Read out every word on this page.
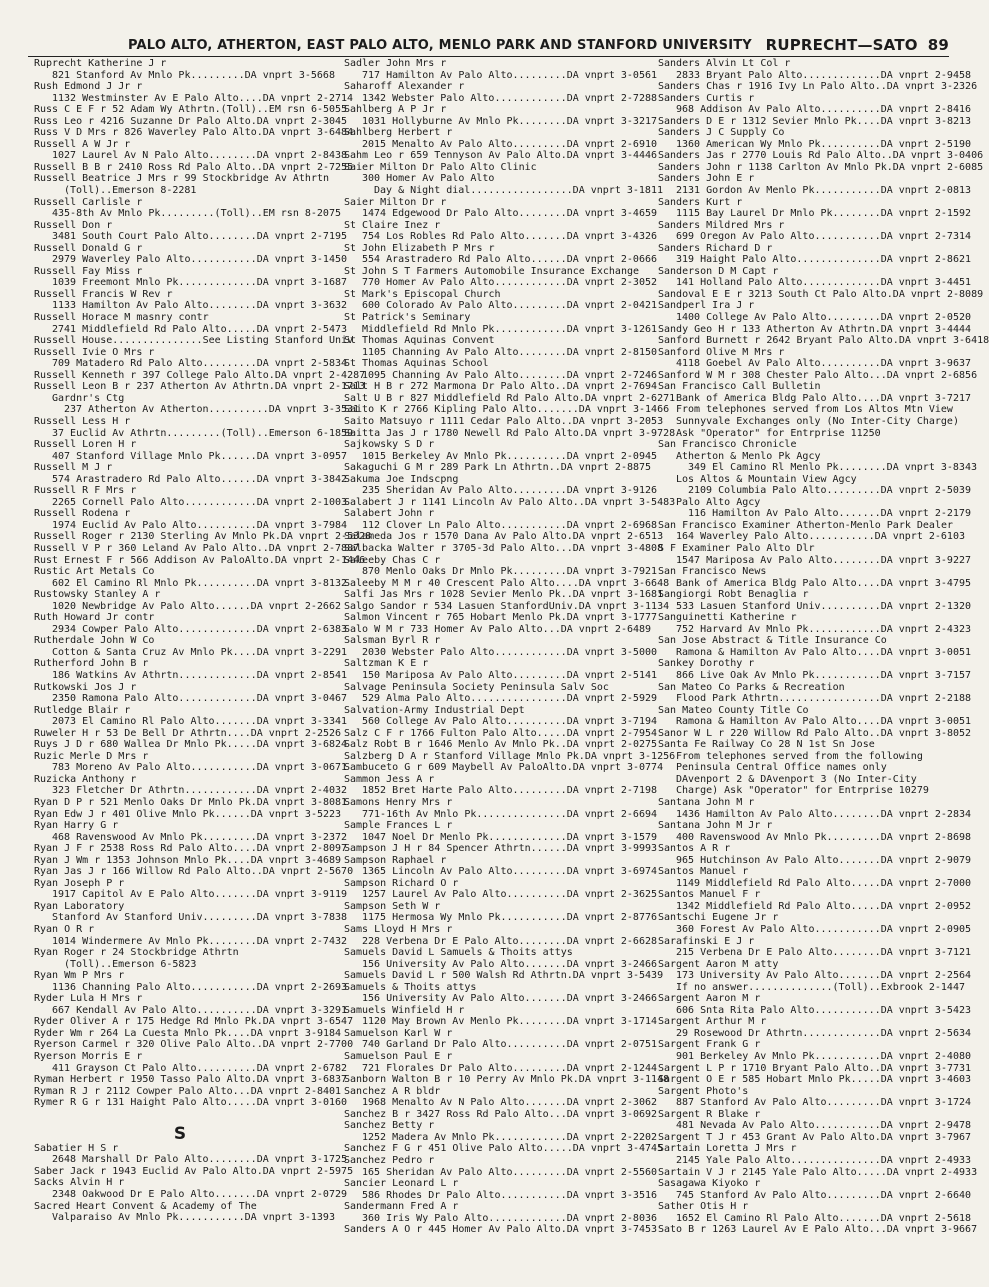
PALO ALTO, ATHERTON, EAST PALO ALTO, MENLO PARK AND STANFORD UNIVERSITY RUPRECHT—SATO 89
Ruprecht Katherine J r
821 Stanford Av Mnlo Pk.........DA vnprt 3-5668
Rush Edmond J Jr r
1132 Westminster Av E Palo Alto....DA vnprt 2-2714
Russ C E F r 52 Adam Wy Athrtn.(Toll)..EM rsn 6-5055
Russ Leo r 4216 Suzanne Dr Palo Alto.DA vnprt 2-3045
Russ V D Mrs r 826 Waverley Palo Alto.DA vnprt 3-6484
Russell A W Jr r
1027 Laurel Av N Palo Alto........DA vnprt 2-8438
Russell B B r 2410 Ross Rd Palo Alto..DA vnprt 2-7255
Russell Beatrice J Mrs r 99 Stockbridge Av Athrtn
(Toll)..Emerson 8-2281
Russell Carlisle r
435-8th Av Mnlo Pk.........(Toll)..EM rsn 8-2075
Russell Don r
3481 South Court Palo Alto........DA vnprt 2-7195
Russell Donald G r
2979 Waverley Palo Alto...........DA vnprt 3-1450
Russell Fay Miss r
1039 Freemont Mnlo Pk.............DA vnprt 3-1687
Russell Francis W Rev r
1133 Hamilton Av Palo Alto........DA vnprt 3-3632
Russell Horace M masnry contr
2741 Middlefield Rd Palo Alto.....DA vnprt 2-5473
Russell House...............See Listing Stanford Univ
Russell Ivie O Mrs r
709 Matadero Rd Palo Alto.........DA vnprt 2-5834
Russell Kenneth r 397 College Palo Alto.DA vnprt 2-4287
Russell Leon B r 237 Atherton Av Athrtn.DA vnprt 2-1713
Gardnr's Ctg
237 Atherton Av Atherton..........DA vnprt 3-3531
Russell Less H r
37 Euclid Av Athrtn.........(Toll)..Emerson 6-1859
Russell Loren H r
407 Stanford Village Mnlo Pk......DA vnprt 3-0957
Russell M J r
574 Arastradero Rd Palo Alto......DA vnprt 3-3842
Russell R F Mrs r
2265 Cornell Palo Alto............DA vnprt 2-1003
Russell Rodena r
1974 Euclid Av Palo Alto..........DA vnprt 3-7984
Russell Roger r 2130 Sterling Av Mnlo Pk.DA vnprt 2-5328
Russell V P r 360 Leland Av Palo Alto..DA vnprt 2-7887
Rust Ernest F r 566 Addison Av PaloAlto.DA vnprt 2-1446
Rustic Art Metals Co
602 El Camino Rl Mnlo Pk..........DA vnprt 3-8132
Rustowsky Stanley A r
1020 Newbridge Av Palo Alto......DA vnprt 2-2662
Ruth Howard Jr contr
2934 Cowper Palo Alto.............DA vnprt 2-6383
Rutherdale John W Co
Cotton & Santa Cruz Av Mnlo Pk....DA vnprt 3-2291
Rutherford John B r
186 Watkins Av Athrtn.............DA vnprt 2-8541
Rutkowski Jos J r
2350 Ramona Palo Alto.............DA vnprt 3-0467
Rutledge Blair r
2073 El Camino Rl Palo Alto.......DA vnprt 3-3341
Ruweler H r 53 De Bell Dr Athrtn....DA vnprt 2-2526
Ruys J D r 680 Wallea Dr Mnlo Pk.....DA vnprt 3-6824
Ruzic Merle D Mrs r
783 Moreno Av Palo Alto...........DA vnprt 3-0671
Ruzicka Anthony r
323 Fletcher Dr Athrtn............DA vnprt 2-4032
Ryan D P r 521 Menlo Oaks Dr Mnlo Pk.DA vnprt 3-8081
Ryan Edw J r 401 Olive Mnlo Pk......DA vnprt 3-5223
Ryan Harry G r
468 Ravenswood Av Mnlo Pk.........DA vnprt 3-2372
Ryan J F r 2538 Ross Rd Palo Alto....DA vnprt 2-8097
Ryan J Wm r 1353 Johnson Mnlo Pk....DA vnprt 3-4689
Ryan Jas J r 166 Willow Rd Palo Alto..DA vnprt 2-5670
Ryan Joseph P r
1917 Capitol Av E Palo Alto.......DA vnprt 3-9119
Ryan Laboratory
Stanford Av Stanford Univ.........DA vnprt 3-7838
Ryan O R r
1014 Windermere Av Mnlo Pk........DA vnprt 2-7432
Ryan Roger r 24 Stockbridge Athrtn
(Toll)..Emerson 6-5823
Ryan Wm P Mrs r
1136 Channing Palo Alto...........DA vnprt 2-2693
Ryder Lula H Mrs r
667 Kendall Av Palo Alto..........DA vnprt 3-3291
Ryder Oliver A r 175 Hedge Rd Mnlo Pk.DA vnprt 3-6547
Ryder Wm r 264 La Cuesta Mnlo Pk....DA vnprt 3-9184
Ryerson Carmel r 320 Olive Palo Alto..DA vnprt 2-7700
Ryerson Morris E r
411 Grayson Ct Palo Alto..........DA vnprt 2-6782
Ryman Herbert r 1950 Tasso Palo Alto.DA vnprt 3-6837
Ryman R J r 2112 Cowper Palo Alto...DA vnprt 2-8401
Rymer R G r 131 Haight Palo Alto.....DA vnprt 3-0160
S
Sabatier H S r
2648 Marshall Dr Palo Alto........DA vnprt 3-1725
Saber Jack r 1943 Euclid Av Palo Alto.DA vnprt 2-5975
Sacks Alvin H r
2348 Oakwood Dr E Palo Alto.......DA vnprt 2-0729
Sacred Heart Convent & Academy of The
Valparaiso Av Mnlo Pk...........DA vnprt 3-1393
Sadler John Mrs r
717 Hamilton Av Palo Alto.........DA vnprt 3-0561
Saharoff Alexander r
1342 Webster Palo Alto............DA vnprt 2-7288
Sahlberg A P Jr r
1031 Hollyburne Av Mnlo Pk........DA vnprt 3-3217
Sahlberg Herbert r
2015 Menalto Av Palo Alto.........DA vnprt 2-6910
Sahm Leo r 659 Tennyson Av Palo Alto.DA vnprt 3-4446
Saier Milton Dr Palo Alto Clinic
300 Homer Av Palo Alto
Day & Night dial.................DA vnprt 3-1811
Saier Milton Dr r
1474 Edgewood Dr Palo Alto........DA vnprt 3-4659
St Claire Inez r
754 Los Robles Rd Palo Alto.......DA vnprt 3-4326
St John Elizabeth P Mrs r
554 Arastradero Rd Palo Alto......DA vnprt 2-0666
St John S T Farmers Automobile Insurance Exchange
770 Homer Av Palo Alto............DA vnprt 2-3052
St Mark's Episcopal Church
600 Colorado Av Palo Alto.........DA vnprt 2-0421
St Patrick's Seminary
Middlefield Rd Mnlo Pk............DA vnprt 3-1261
St Thomas Aquinas Convent
1105 Channing Av Palo Alto........DA vnprt 2-8150
St Thomas Aquinas School
1095 Channing Av Palo Alto........DA vnprt 2-7246
Salt H B r 272 Marmona Dr Palo Alto..DA vnprt 2-7694
Salt U B r 827 Middlefield Rd Palo Alto.DA vnprt 2-6271
Saito K r 2766 Kipling Palo Alto.......DA vnprt 3-1466
Saito Matsuyo r 1111 Cedar Palo Alto..DA vnprt 3-2053
Saitta Jas J r 1780 Newell Rd Palo Alto.DA vnprt 3-9728
Sajkowsky S D r
1015 Berkeley Av Mnlo Pk..........DA vnprt 2-0945
Sakaguchi G M r 289 Park Ln Athrtn..DA vnprt 2-8875
Sakuma Joe Indscpng
235 Sheridan Av Palo Alto.........DA vnprt 3-9126
Salabert J r 1141 Lincoln Av Palo Alto..DA vnprt 3-5483
Salabert John r
112 Clover Ln Palo Alto...........DA vnprt 2-6968
Salameda Jos r 1570 Dana Av Palo Alto.DA vnprt 2-6513
Salbacka Walter r 3705-3d Palo Alto...DA vnprt 3-4808
Saleeby Chas C r
870 Menlo Oaks Dr Mnlo Pk.........DA vnprt 3-7921
Saleeby M M r 40 Crescent Palo Alto....DA vnprt 3-6648
Salfi Jas Mrs r 1028 Sevier Menlo Pk..DA vnprt 3-1681
Salgo Sandor r 534 Lasuen StanfordUniv.DA vnprt 3-1134
Salmon Vincent r 765 Hobart Menlo Pk.DA vnprt 3-1777
Salo W M r 733 Homer Av Palo Alto...DA vnprt 2-6489
Salsman Byrl R r
2030 Webster Palo Alto............DA vnprt 3-5000
Saltzman K E r
150 Mariposa Av Palo Alto.........DA vnprt 2-5141
Salvage Peninsula Society Peninsula Salv Soc
529 Alma Palo Alto................DA vnprt 2-5929
Salvation-Army Industrial Dept
560 College Av Palo Alto..........DA vnprt 3-7194
Salz C F r 1766 Fulton Palo Alto.....DA vnprt 2-7954
Salz Robt B r 1646 Menlo Av Mnlo Pk..DA vnprt 2-0275
Salzberg D A r Stanford Village Mnlo Pk.DA vnprt 3-1256
Sambuceto G r 609 Maybell Av PaloAlto.DA vnprt 3-0774
Sammon Jess A r
1852 Bret Harte Palo Alto.........DA vnprt 2-7198
Samons Henry Mrs r
771-16th Av Mnlo Pk...............DA vnprt 2-6694
Sample Frances L r
1047 Noel Dr Menlo Pk.............DA vnprt 3-1579
Sampson J H r 84 Spencer Athrtn......DA vnprt 3-9993
Sampson Raphael r
1365 Lincoln Av Palo Alto.........DA vnprt 3-6974
Sampson Richard O r
1257 Laurel Av Palo Alto..........DA vnprt 2-3625
Sampson Seth W r
1175 Hermosa Wy Mnlo Pk...........DA vnprt 2-8776
Sams Lloyd H Mrs r
228 Verbena Dr E Palo Alto........DA vnprt 2-6628
Samuels David L Samuels & Thoits attys
156 University Av Palo Alto.......DA vnprt 3-2466
Samuels David L r 500 Walsh Rd Athrtn.DA vnprt 3-5439
Samuels & Thoits attys
156 University Av Palo Alto.......DA vnprt 3-2466
Samuels Winfield H r
1120 May Brown Av Menlo Pk........DA vnprt 3-1714
Samuelson Karl W r
740 Garland Dr Palo Alto..........DA vnprt 2-0751
Samuelson Paul E r
721 Florales Dr Palo Alto.........DA vnprt 2-1244
Sanborn Walton B r 10 Perry Av Mnlo Pk.DA vnprt 3-1148
Sanchez A R bldr
1968 Menalto Av N Palo Alto.......DA vnprt 2-3062
Sanchez B r 3427 Ross Rd Palo Alto...DA vnprt 3-0692
Sanchez Betty r
1252 Madera Av Mnlo Pk............DA vnprt 2-2202
Sanchez F G r 451 Olive Palo Alto.....DA vnprt 3-4745
Sanchez Pedro r
165 Sheridan Av Palo Alto.........DA vnprt 2-5560
Sancier Leonard L r
586 Rhodes Dr Palo Alto...........DA vnprt 3-3516
Sandermann Fred A r
360 Iris Wy Palo Alto.............DA vnprt 2-8036
Sanders A O r 445 Homer Av Palo Alto.DA vnprt 3-7453
Sanders Alvin Lt Col r
2833 Bryant Palo Alto.............DA vnprt 2-9458
Sanders Chas r 1916 Ivy Ln Palo Alto..DA vnprt 3-2326
Sanders Curtis r
968 Addison Av Palo Alto..........DA vnprt 2-8416
Sanders D E r 1312 Sevier Mnlo Pk....DA vnprt 3-8213
Sanders J C Supply Co
1360 American Wy Mnlo Pk..........DA vnprt 2-5190
Sanders Jas r 2770 Louis Rd Palo Alto..DA vnprt 3-0406
Sanders John r 1138 Carlton Av Mnlo Pk.DA vnprt 2-6085
Sanders John E r
2131 Gordon Av Menlo Pk...........DA vnprt 2-0813
Sanders Kurt r
1115 Bay Laurel Dr Mnlo Pk........DA vnprt 2-1592
Sanders Mildred Mrs r
699 Oregon Av Palo Alto...........DA vnprt 2-7314
Sanders Richard D r
319 Haight Palo Alto..............DA vnprt 2-8621
Sanderson D M Capt r
141 Holland Palo Alto.............DA vnprt 3-4451
Sandoval E E r 3213 South Ct Palo Alto.DA vnprt 2-8089
Sandperl Ira J r
1400 College Av Palo Alto.........DA vnprt 2-0520
Sandy Geo H r 133 Atherton Av Athrtn.DA vnprt 3-4444
Sanford Burnett r 2642 Bryant Palo Alto.DA vnprt 3-6418
Sanford Olive M Mrs r
4118 Goebel Av Palo Alto..........DA vnprt 3-9637
Sanford W M r 308 Chester Palo Alto...DA vnprt 2-6856
San Francisco Call Bulletin
Bank of America Bldg Palo Alto....DA vnprt 3-7217
From telephones served from Los Altos Mtn View
Sunnyvale Exchanges only (No Inter-City Charge)
Ask "Operator" for Entrprise 11250
San Francisco Chronicle
Atherton & Menlo Pk Agcy
349 El Camino Rl Menlo Pk........DA vnprt 3-8343
Los Altos & Mountain View Agcy
2109 Columbia Palo Alto.........DA vnprt 2-5039
Palo Alto Agcy
116 Hamilton Av Palo Alto.......DA vnprt 2-2179
San Francisco Examiner Atherton-Menlo Park Dealer
164 Waverley Palo Alto...........DA vnprt 2-6103
S F Examiner Palo Alto Dlr
1547 Mariposa Av Palo Alto........DA vnprt 3-9227
San Francisco News
Bank of America Bldg Palo Alto....DA vnprt 3-4795
Sangiorgi Robt Benaglia r
533 Lasuen Stanford Univ..........DA vnprt 2-1320
Sanguinetti Katherine r
752 Harvard Av Mnlo Pk............DA vnprt 2-4323
San Jose Abstract & Title Insurance Co
Ramona & Hamilton Av Palo Alto....DA vnprt 3-0051
Sankey Dorothy r
866 Live Oak Av Mnlo Pk...........DA vnprt 3-7157
San Mateo Co Parks & Recreation
Flood Park Athrtn.................DA vnprt 2-2188
San Mateo County Title Co
Ramona & Hamilton Av Palo Alto....DA vnprt 3-0051
Sanor W L r 220 Willow Rd Palo Alto..DA vnprt 3-8052
Santa Fe Railway Co 28 N 1st Sn Jose
From telephones served from the following
Peninsula Central Office names only
DAvenport 2 & DAvenport 3 (No Inter-City
Charge) Ask "Operator" for Entrprise 10279
Santana John M r
1436 Hamilton Av Palo Alto........DA vnprt 2-2834
Santana John M Jr r
400 Ravenswood Av Mnlo Pk.........DA vnprt 2-8698
Santos A R r
965 Hutchinson Av Palo Alto.......DA vnprt 2-9079
Santos Manuel r
1149 Middlefield Rd Palo Alto.....DA vnprt 2-7000
Santos Manuel F r
1342 Middlefield Rd Palo Alto.....DA vnprt 2-0952
Santschi Eugene Jr r
360 Forest Av Palo Alto...........DA vnprt 2-0905
Sarafinski E J r
215 Verbena Dr E Palo Alto........DA vnprt 3-7121
Sargent Aaron M atty
173 University Av Palo Alto.......DA vnprt 2-2564
If no answer..............(Toll)..Exbrook 2-1447
Sargent Aaron M r
606 Snta Rita Palo Alto...........DA vnprt 3-5423
Sargent Arthur M r
29 Rosewood Dr Athrtn.............DA vnprt 2-5634
Sargent Frank G r
901 Berkeley Av Mnlo Pk...........DA vnprt 2-4080
Sargent L P r 1710 Bryant Palo Alto..DA vnprt 3-7731
Sargent O E r 585 Hobart Mnlo Pk.....DA vnprt 3-4603
Sargent Photo's
887 Stanford Av Palo Alto.........DA vnprt 3-1724
Sargent R Blake r
481 Nevada Av Palo Alto...........DA vnprt 2-9478
Sargent T J r 453 Grant Av Palo Alto.DA vnprt 3-7967
Sartain Loretta J Mrs r
2145 Yale Palo Alto...............DA vnprt 2-4933
Sartain V J r 2145 Yale Palo Alto.....DA vnprt 2-4933
Sasagawa Kiyoko r
745 Stanford Av Palo Alto.........DA vnprt 2-6640
Sather Otis H r
1652 El Camino Rl Palo Alto.......DA vnprt 2-5618
Sato B r 1263 Laurel Av E Palo Alto...DA vnprt 3-9667
